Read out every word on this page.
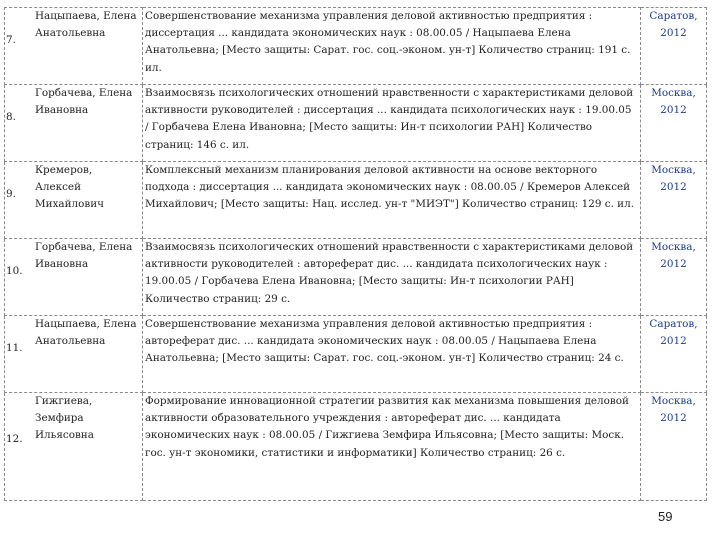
7.
Нацыпаева, Елена Анатольевна	Совершенствование механизма управления деловой активностью предприятия : диссертация ... кандидата экономических наук : 08.00.05 / Нацыпаева Елена Анатольевна; [Место защиты: Сарат. гос. соц.-эконом. ун-т] Количество страниц: 191 с. ил.	Саратов, 2012

8.
Горбачева, Елена Ивановна	Взаимосвязь психологических отношений нравственности с характеристиками деловой активности руководителей : диссертация ... кандидата психологических наук : 19.00.05 / Горбачева Елена Ивановна; [Место защиты: Ин-т психологии РАН] Количество страниц: 146 с. ил.	Москва, 2012

9.
Кремеров, Алексей Михайлович	Комплексный механизм планирования деловой активности на основе векторного подхода : диссертация ... кандидата экономических наук : 08.00.05 / Кремеров Алексей Михайлович; [Место защиты: Нац. исслед. ун-т "МИЭТ"] Количество страниц: 129 с. ил.	Москва, 2012

10.
Горбачева, Елена Ивановна	Взаимосвязь психологических отношений нравственности с характеристиками деловой активности руководителей : автореферат дис. ... кандидата психологических наук : 19.00.05 / Горбачева Елена Ивановна; [Место защиты: Ин-т психологии РАН] Количество страниц: 29 с.	Москва, 2012

11.
Нацыпаева, Елена Анатольевна	Совершенствование механизма управления деловой активностью предприятия : автореферат дис. ... кандидата экономических наук : 08.00.05 / Нацыпаева Елена Анатольевна; [Место защиты: Сарат. гос. соц.-эконом. ун-т] Количество страниц: 24 с.	Саратов, 2012

12.
Гижгиева, Земфира Ильясовна	Формирование инновационной стратегии развития как механизма повышения деловой активности образовательного учреждения : автореферат дис. ... кандидата экономических наук : 08.00.05 / Гижгиева Земфира Ильясовна; [Место защиты: Моск. гос. ун-т экономики, статистики и информатики] Количество страниц: 26 с.	Москва, 2012
59
